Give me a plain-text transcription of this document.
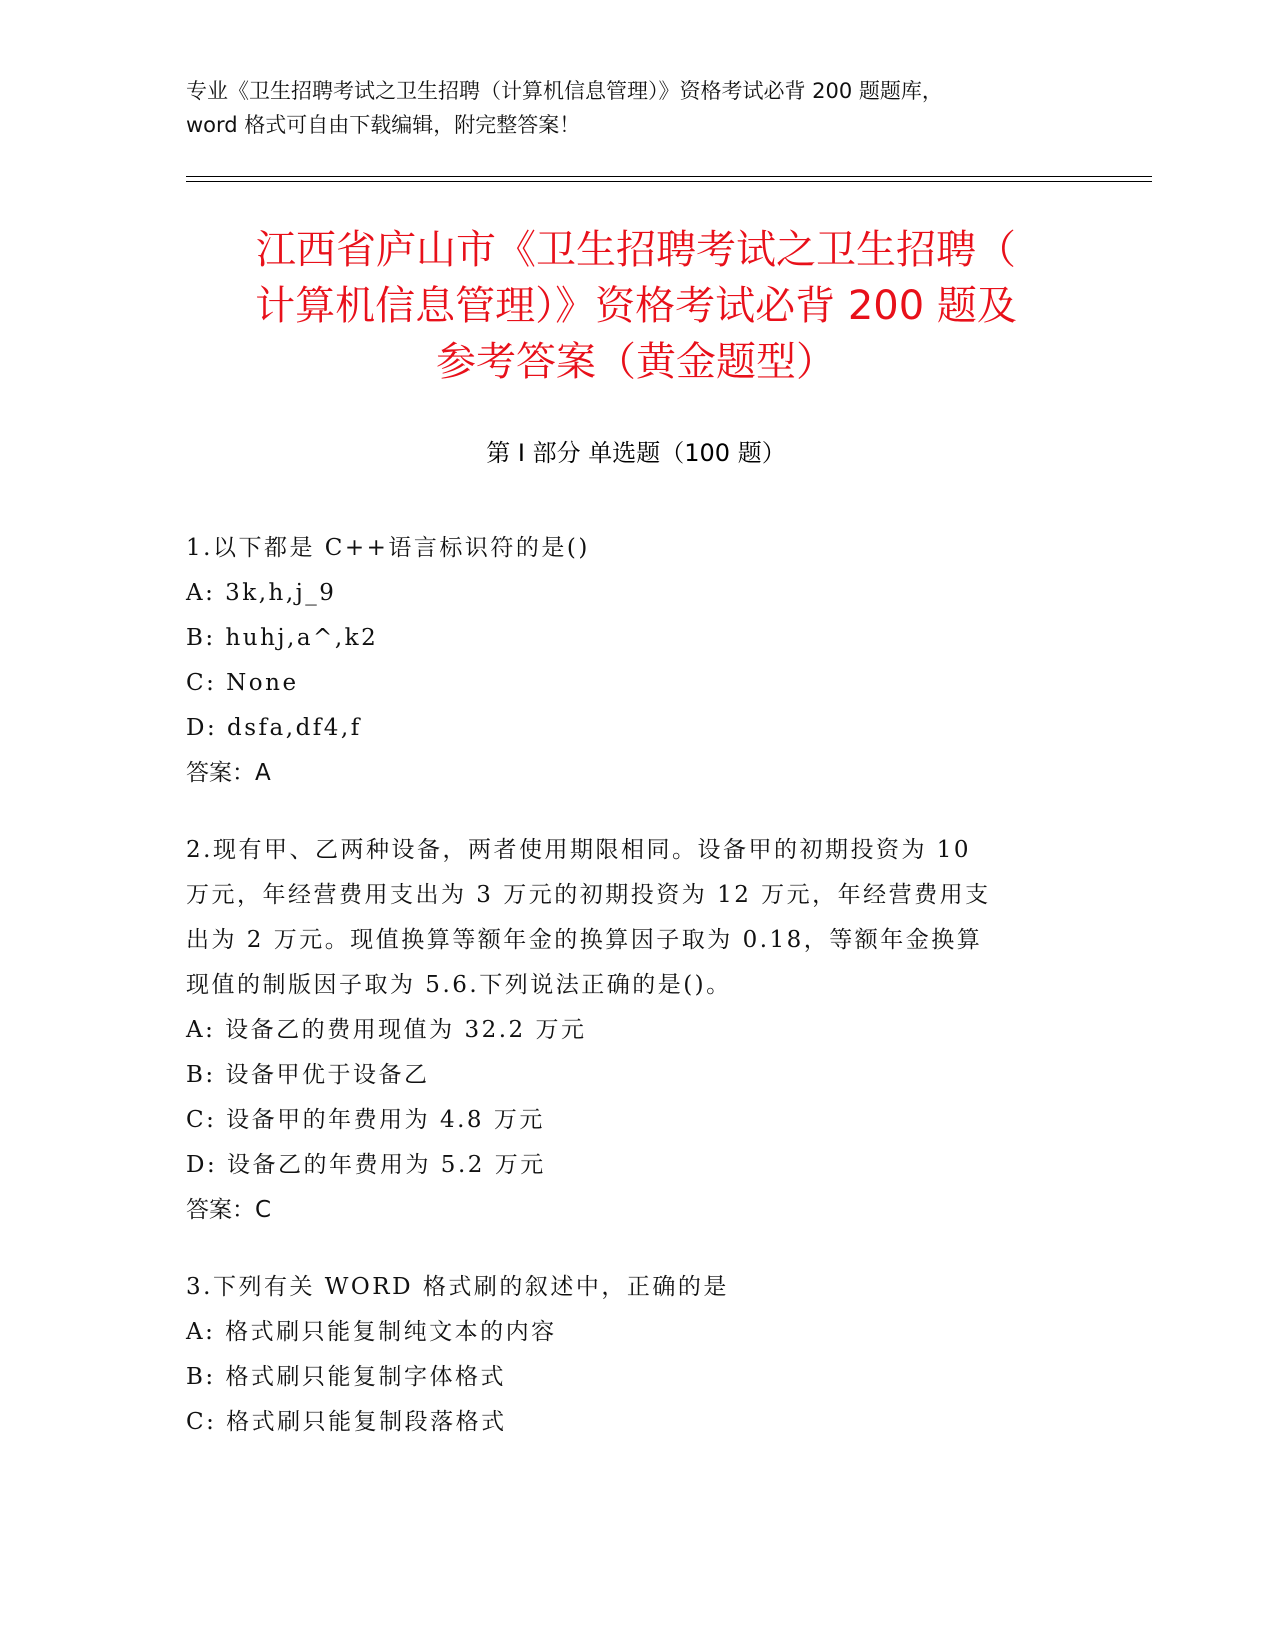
专业《卫生招聘考试之卫生招聘（计算机信息管理）》资格考试必背 200 题题库，
word 格式可自由下载编辑，附完整答案！
江西省庐山市《卫生招聘考试之卫生招聘（
计算机信息管理）》资格考试必背 200 题及
参考答案（黄金题型）
第 I 部分 单选题（100 题）
1.以下都是 C++语言标识符的是()
A: 3k,h,j_9
B: huhj,a^,k2
C: None
D: dsfa,df4,f
答案：A
2.现有甲、乙两种设备，两者使用期限相同。设备甲的初期投资为 10
万元，年经营费用支出为 3 万元的初期投资为 12 万元，年经营费用支
出为 2 万元。现值换算等额年金的换算因子取为 0.18，等额年金换算
现值的制版因子取为 5.6.下列说法正确的是()。
A: 设备乙的费用现值为 32.2 万元
B: 设备甲优于设备乙
C: 设备甲的年费用为 4.8 万元
D: 设备乙的年费用为 5.2 万元
答案：C
3.下列有关 WORD 格式刷的叙述中，正确的是
A: 格式刷只能复制纯文本的内容
B: 格式刷只能复制字体格式
C: 格式刷只能复制段落格式
